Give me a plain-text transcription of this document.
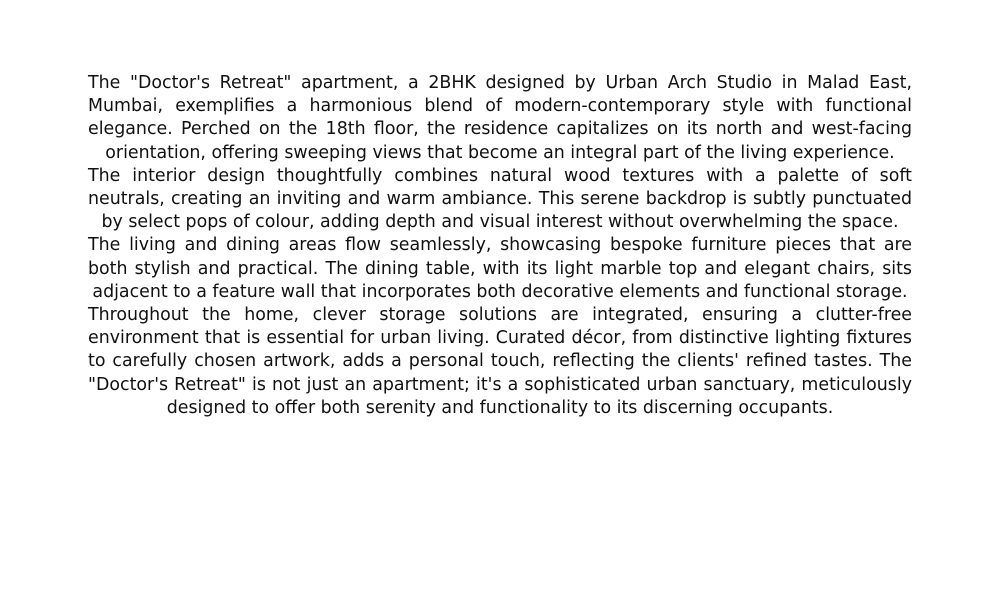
The "Doctor's Retreat" apartment, a 2BHK designed by Urban Arch Studio in Malad East, Mumbai, exemplifies a harmonious blend of modern-contemporary style with functional elegance. Perched on the 18th floor, the residence capitalizes on its north and west-facing orientation, offering sweeping views that become an integral part of the living experience.

The interior design thoughtfully combines natural wood textures with a palette of soft neutrals, creating an inviting and warm ambiance. This serene backdrop is subtly punctuated by select pops of colour, adding depth and visual interest without overwhelming the space.

The living and dining areas flow seamlessly, showcasing bespoke furniture pieces that are both stylish and practical. The dining table, with its light marble top and elegant chairs, sits adjacent to a feature wall that incorporates both decorative elements and functional storage.

Throughout the home, clever storage solutions are integrated, ensuring a clutter-free environment that is essential for urban living. Curated décor, from distinctive lighting fixtures to carefully chosen artwork, adds a personal touch, reflecting the clients' refined tastes. The "Doctor's Retreat" is not just an apartment; it's a sophisticated urban sanctuary, meticulously designed to offer both serenity and functionality to its discerning occupants.
